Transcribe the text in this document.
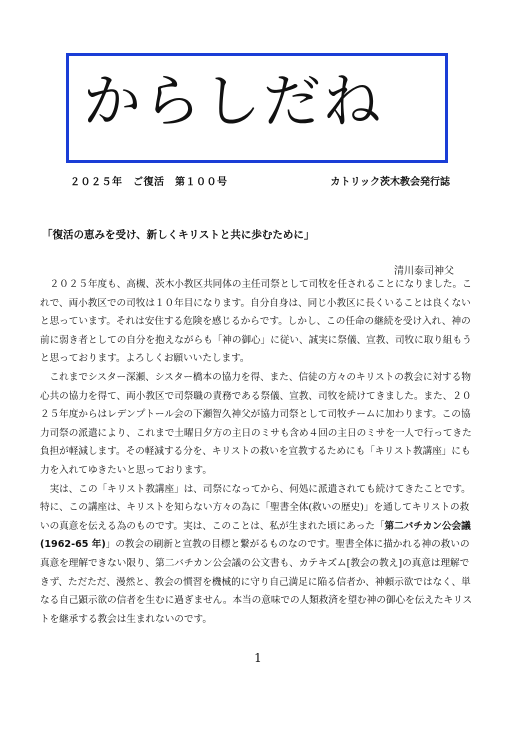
からしだね
２０２５年　ご復活　第１００号	カトリック茨木教会発行誌
「復活の恵みを受け、新しくキリストと共に歩むために」
清川泰司神父

　２０２５年度も、高槻、茨木小教区共同体の主任司祭として司牧を任されることになりました。これで、両小教区での司牧は１０年目になります。自分自身は、同じ小教区に長くいることは良くないと思っています。それは安住する危険を感じるからです。しかし、この任命の継続を受け入れ、神の前に弱き者としての自分を抱えながらも「神の御心」に従い、誠実に祭儀、宣教、司牧に取り組もうと思っております。よろしくお願いいたします。

　これまでシスター深瀬、シスター橋本の協力を得、また、信徒の方々のキリストの教会に対する物心共の協力を得て、両小教区で司祭職の責務である祭儀、宣教、司牧を続けてきました。また、２０２５年度からはレデンプトール会の下瀬智久神父が協力司祭として司牧チームに加わります。この協力司祭の派遣により、これまで土曜日夕方の主日のミサも含め４回の主日のミサを一人で行ってきた負担が軽減します。その軽減する分を、キリストの救いを宣教するためにも「キリスト教講座」にも力を入れてゆきたいと思っております。

　実は、この「キリスト教講座」は、司祭になってから、何処に派遣されても続けてきたことです。特に、この講座は、キリストを知らない方々の為に「聖書全体(救いの歴史)」を通してキリストの救いの真意を伝える為のものです。実は、このことは、私が生まれた頃にあった「第二バチカン公会議(1962-65 年)」の教会の刷新と宣教の目標と繋がるものなのです。聖書全体に描かれる神の救いの真意を理解できない限り、第二バチカン公会議の公文書も、カテキズム[教会の教え]の真意は理解できず、ただただ、漫然と、教会の慣習を機械的に守り自己満足に陥る信者か、神頼示欲ではなく、単なる自己顕示欲の信者を生むに過ぎません。本当の意味での人類救済を望む神の御心を伝えたキリストを継承する教会は生まれないのです。

1
